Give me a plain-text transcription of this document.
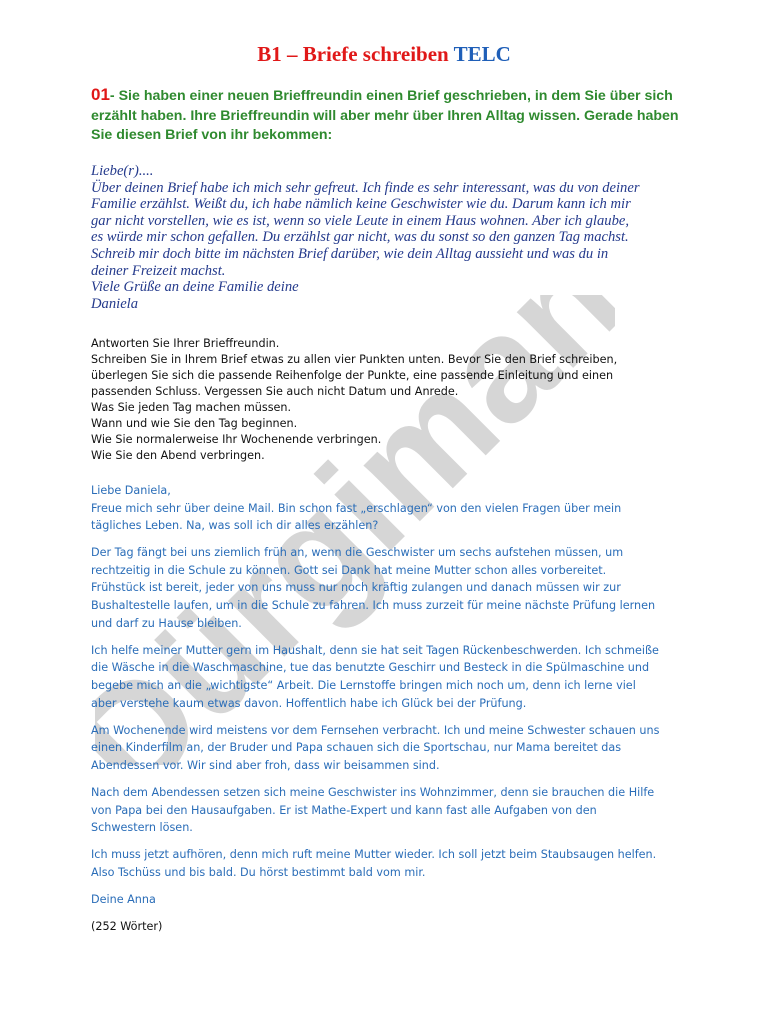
Dürgiman
B1 – Briefe schreiben TELC
01- Sie haben einer neuen Brieffreundin einen Brief geschrieben, in dem Sie über sich erzählt haben. Ihre Brieffreundin will aber mehr über Ihren Alltag wissen. Gerade haben Sie diesen Brief von ihr bekommen:

Liebe(r)....

Über deinen Brief habe ich mich sehr gefreut. Ich finde es sehr interessant, was du von deiner

Familie erzählst. Weißt du, ich habe nämlich keine Geschwister wie du. Darum kann ich mir

gar nicht vorstellen, wie es ist, wenn so viele Leute in einem Haus wohnen. Aber ich glaube,

es würde mir schon gefallen. Du erzählst gar nicht, was du sonst so den ganzen Tag machst.

Schreib mir doch bitte im nächsten Brief darüber, wie dein Alltag aussieht und was du in

deiner Freizeit machst.

Viele Grüße an deine Familie deine

Daniela

Antworten Sie Ihrer Brieffreundin.

Schreiben Sie in Ihrem Brief etwas zu allen vier Punkten unten. Bevor Sie den Brief schreiben,

überlegen Sie sich die passende Reihenfolge der Punkte, eine passende Einleitung und einen

passenden Schluss. Vergessen Sie auch nicht Datum und Anrede.

Was Sie jeden Tag machen müssen.

Wann und wie Sie den Tag beginnen.

Wie Sie normalerweise Ihr Wochenende verbringen.

Wie Sie den Abend verbringen.

Liebe Daniela,
Freue mich sehr über deine Mail. Bin schon fast „erschlagen“ von den vielen Fragen über mein
tägliches Leben. Na, was soll ich dir alles erzählen?

Der Tag fängt bei uns ziemlich früh an, wenn die Geschwister um sechs aufstehen müssen, um
rechtzeitig in die Schule zu können. Gott sei Dank hat meine Mutter schon alles vorbereitet.
Frühstück ist bereit, jeder von uns muss nur noch kräftig zulangen und danach müssen wir zur
Bushaltestelle laufen, um in die Schule zu fahren. Ich muss zurzeit für meine nächste Prüfung lernen
und darf zu Hause bleiben.

Ich helfe meiner Mutter gern im Haushalt, denn sie hat seit Tagen Rückenbeschwerden. Ich schmeiße
die Wäsche in die Waschmaschine, tue das benutzte Geschirr und Besteck in die Spülmaschine und
begebe mich an die „wichtigste“ Arbeit. Die Lernstoffe bringen mich noch um, denn ich lerne viel
aber verstehe kaum etwas davon. Hoffentlich habe ich Glück bei der Prüfung.

Am Wochenende wird meistens vor dem Fernsehen verbracht. Ich und meine Schwester schauen uns
einen Kinderfilm an, der Bruder und Papa schauen sich die Sportschau, nur Mama bereitet das
Abendessen vor. Wir sind aber froh, dass wir beisammen sind.

Nach dem Abendessen setzen sich meine Geschwister ins Wohnzimmer, denn sie brauchen die Hilfe
von Papa bei den Hausaufgaben. Er ist Mathe-Expert und kann fast alle Aufgaben von den
Schwestern lösen.

Ich muss jetzt aufhören, denn mich ruft meine Mutter wieder. Ich soll jetzt beim Staubsaugen helfen.
Also Tschüss und bis bald. Du hörst bestimmt bald vom mir.

Deine Anna

(252 Wörter)
